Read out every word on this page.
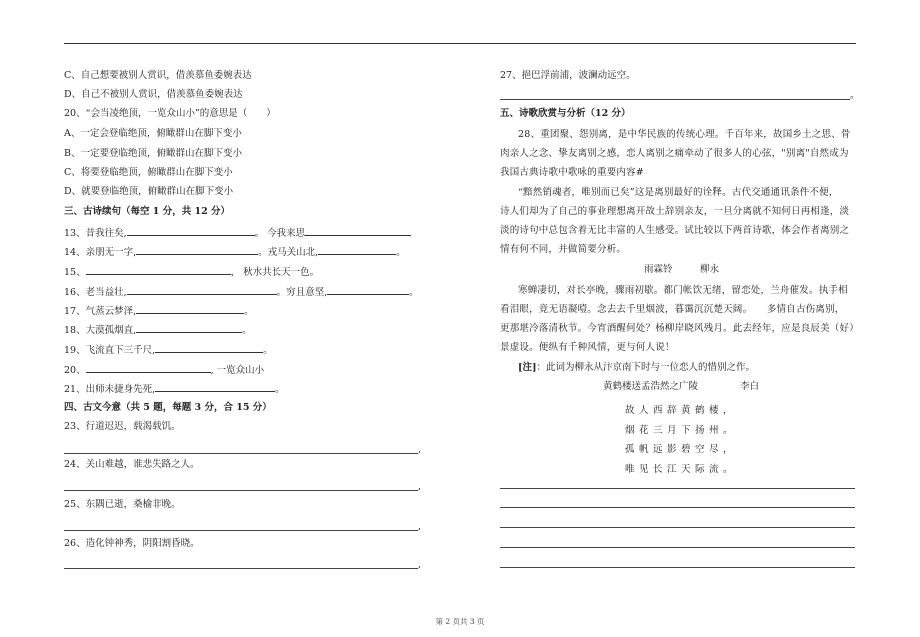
C、自己想要被别人赏识，借羡慕鱼委婉表达
D、自己不被别人赏识，借羡慕鱼委婉表达
20、“会当凌绝顶，一览众山小”的意思是（　　）
A、一定会登临绝顶，俯瞰群山在脚下变小
B、一定要登临绝顶，俯瞰群山在脚下变小
C、将要登临绝顶，俯瞰群山在脚下变小
D、就要登临绝顶，俯瞰群山在脚下变小
三、古诗续句（每空 1 分，共 12 分）
13、昔我往矣,	。 今我来思
14、亲朋无一字,	。戎马关山北,	。
15、	， 秋水共长天一色。
16、老当益壮,	。穷且意坚,	。
17、气蒸云梦泽,	。
18、大漠孤烟直,	。
19、飞流直下三千尺,	。
20、	, 一览众山小
21、出师未捷身先死,	。
四、古文今意（共 5 题，每题 3 分，合 15 分）
23、行道迟迟，载渴载饥。
,
24、关山难越，谁悲失路之人。
,
25、东隅已逝，桑榆非晚。
,
26、造化钟神秀，阴阳割昏晓。
,
27、挹巴浮前浦，波澜动远空。
。
五、诗歌欣赏与分析（12 分）
28、重团聚、怨别离，是中华民族的传统心理。千百年来，故国乡土之思、骨
肉亲人之念、挚友离别之感，恋人离别之痛牵动了很多人的心弦，"别离"自然成为
我国古典诗歌中歌咏的重要内容#
“黯然销魂者，唯别而已矣”这是离别最好的诠释。古代交通通讯条件不便，
诗人们却为了自己的事业理想离开故土辞别亲友，一旦分离就不知何日再相逢，淡
淡的诗句中总包含着无比丰富的人生感受。试比较以下两首诗歌，体会作者离别之
情有何不同，并做简要分析。
雨霖铃	柳永
寒蝉凄切，对长亭晚，骤雨初歇。都门帐饮无绪，留恋处，兰舟催发。执手相
看泪眼，竟无语凝噎。念去去千里烟波，暮霭沉沉楚天阔。　　多情自古伤离别，
更那堪冷落清秋节。今宵酒醒何处？杨柳岸晓风残月。此去经年，应是良辰美（好）
景虚设。便纵有千种风情，更与何人说！
[注]：此词为柳永从汴京南下时与一位恋人的惜别之作。
黄鹤楼送孟浩然之广陵	李白
故人西辞黄鹤楼，
烟花三月下扬州。
孤帆远影碧空尽，
唯见长江天际流。
第 2 页共 3 页
